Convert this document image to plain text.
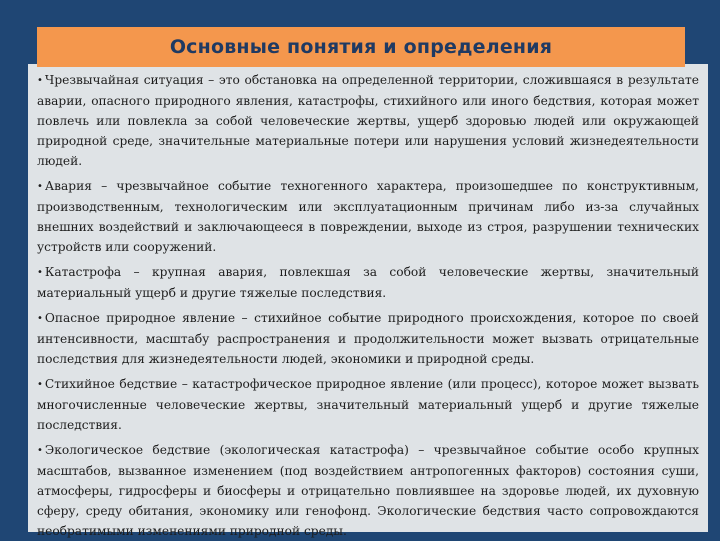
• Чрезвычайная ситуация – это обстановка на определенной территории, сложившаяся в результате аварии, опасного природного явления, катастрофы, стихийного или иного бедствия, которая может повлечь или повлекла за собой человеческие жертвы, ущерб здоровью людей или окружающей природной среде, значительные материальные потери или нарушения условий жизнедеятельности людей.

• Авария – чрезвычайное событие техногенного характера, произошедшее по конструктивным, производственным, технологическим или эксплуатационным причинам либо из-за случайных внешних воздействий и заключающееся в повреждении, выходе из строя, разрушении технических устройств или сооружений.

• Катастрофа – крупная авария, повлекшая за собой человеческие жертвы, значительный материальный ущерб и другие тяжелые последствия.

• Опасное природное явление – стихийное событие природного происхождения, которое по своей интенсивности, масштабу распространения и продолжительности может вызвать отрицательные последствия для жизнедеятельности людей, экономики и природной среды.

• Стихийное бедствие – катастрофическое природное явление (или процесс), которое может вызвать многочисленные человеческие жертвы, значительный материальный ущерб и другие тяжелые последствия.

• Экологическое бедствие (экологическая катастрофа) – чрезвычайное событие особо крупных масштабов, вызванное изменением (под воздействием антропогенных факторов) состояния суши, атмосферы, гидросферы и биосферы и отрицательно повлиявшее на здоровье людей, их духовную сферу, среду обитания, экономику или генофонд. Экологические бедствия часто сопровождаются необратимыми изменениями природной среды.

Основные понятия и определения
